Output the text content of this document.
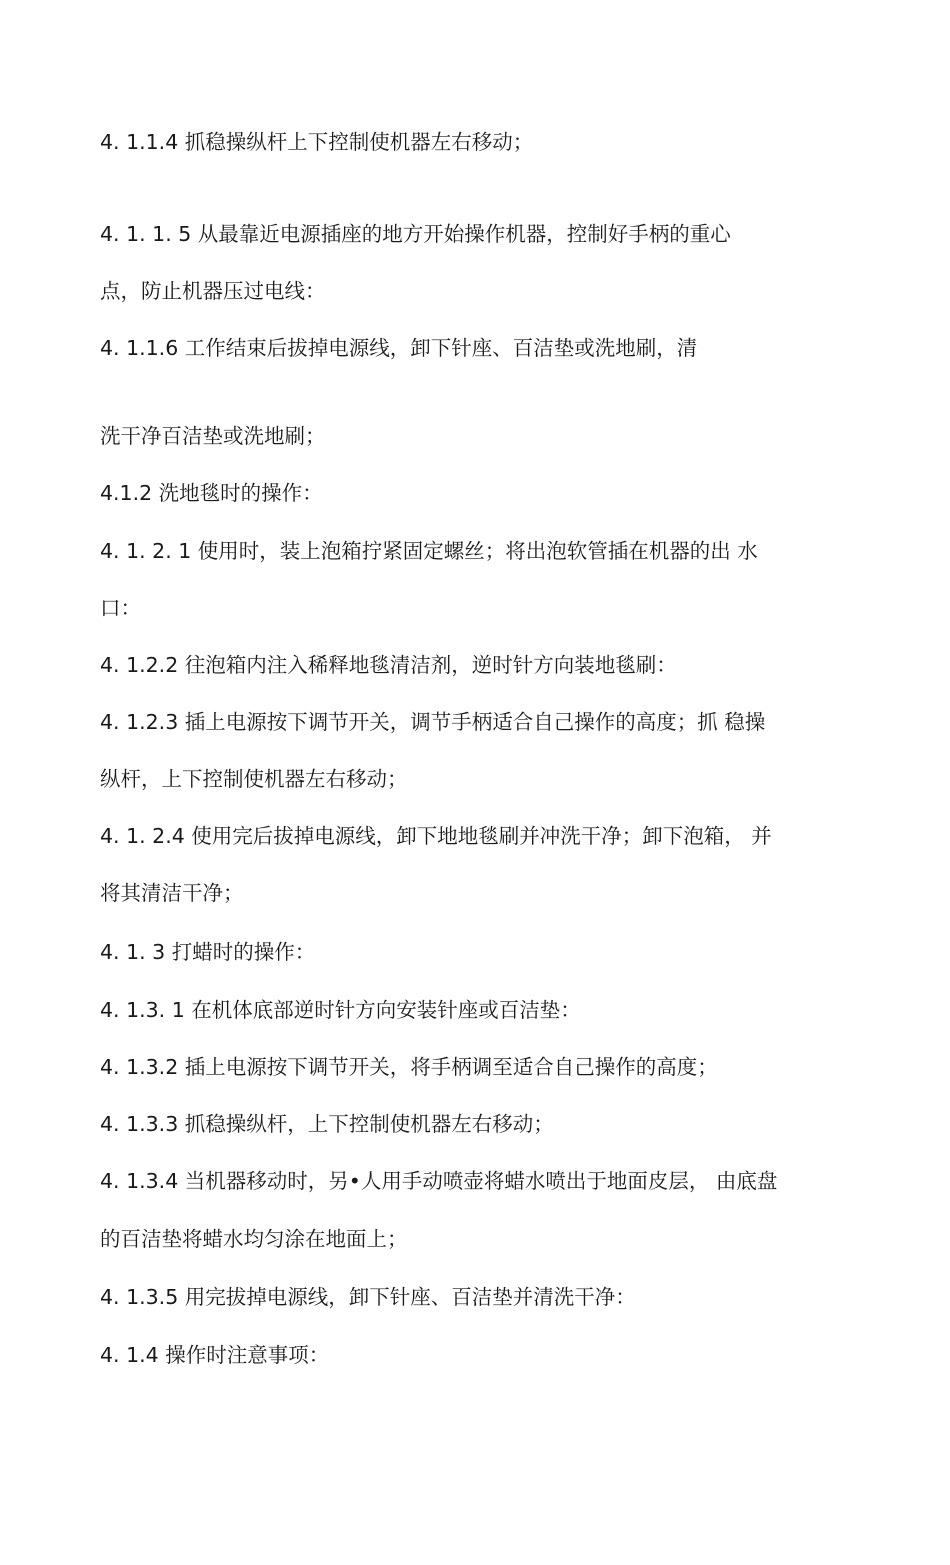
4. 1.1.4 抓稳操纵杆上下控制使机器左右移动；

4. 1. 1. 5 从最靠近电源插座的地方开始操作机器，控制好手柄的重心

点，防止机器压过电线：

4. 1.1.6 工作结束后拔掉电源线，卸下针座、百洁垫或洗地刷，清

洗干净百洁垫或洗地刷；

4.1.2 洗地毯时的操作：

4. 1. 2. 1 使用时，装上泡箱拧紧固定螺丝；将出泡软管插在机器的出 水

口：

4. 1.2.2 往泡箱内注入稀释地毯清洁剂，逆时针方向装地毯刷：

4. 1.2.3 插上电源按下调节开关，调节手柄适合自己操作的高度；抓 稳操

纵杆，上下控制使机器左右移动；

4. 1. 2.4 使用完后拔掉电源线，卸下地地毯刷并冲洗干净；卸下泡箱， 并

将其清洁干净；

4. 1. 3 打蜡时的操作：

4. 1.3. 1 在机体底部逆时针方向安装针座或百洁垫：

4. 1.3.2 插上电源按下调节开关，将手柄调至适合自己操作的高度；

4. 1.3.3 抓稳操纵杆，上下控制使机器左右移动；

4. 1.3.4 当机器移动时，另•人用手动喷壶将蜡水喷出于地面皮层， 由底盘

的百洁垫将蜡水均匀涂在地面上；

4. 1.3.5 用完拔掉电源线，卸下针座、百洁垫并清洗干净：

4. 1.4 操作时注意事项：
